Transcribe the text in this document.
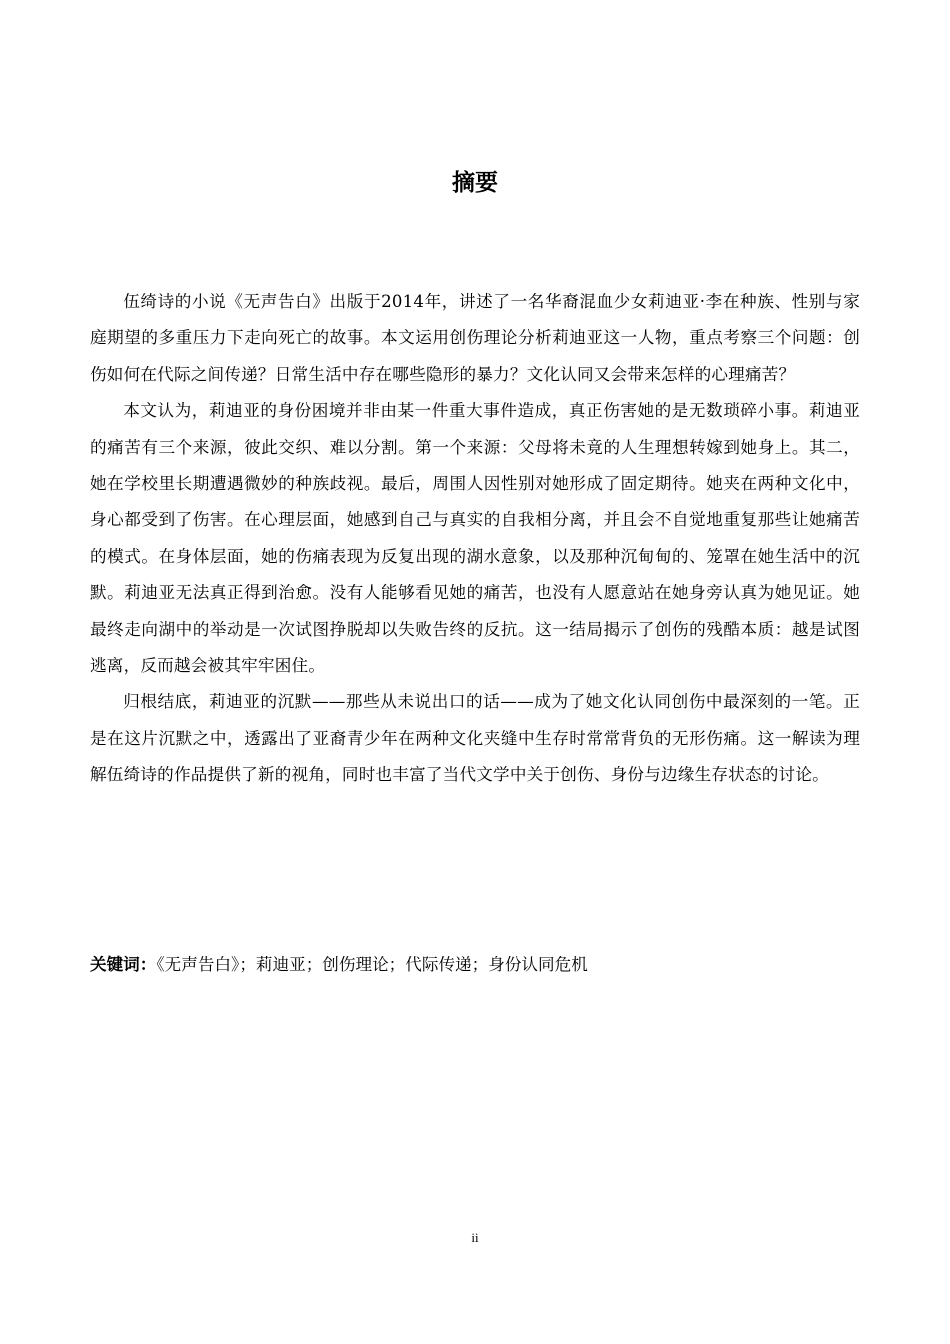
摘要

伍绮诗的小说《无声告白》出版于2014年，讲述了一名华裔混血少女莉迪亚·李在种族、性别与家庭期望的多重压力下走向死亡的故事。本文运用创伤理论分析莉迪亚这一人物，重点考察三个问题：创伤如何在代际之间传递？日常生活中存在哪些隐形的暴力？文化认同又会带来怎样的心理痛苦？

本文认为，莉迪亚的身份困境并非由某一件重大事件造成，真正伤害她的是无数琐碎小事。莉迪亚的痛苦有三个来源，彼此交织、难以分割。第一个来源：父母将未竟的人生理想转嫁到她身上。其二，她在学校里长期遭遇微妙的种族歧视。最后，周围人因性别对她形成了固定期待。她夹在两种文化中，身心都受到了伤害。在心理层面，她感到自己与真实的自我相分离，并且会不自觉地重复那些让她痛苦的模式。在身体层面，她的伤痛表现为反复出现的湖水意象，以及那种沉甸甸的、笼罩在她生活中的沉默。莉迪亚无法真正得到治愈。没有人能够看见她的痛苦，也没有人愿意站在她身旁认真为她见证。她最终走向湖中的举动是一次试图挣脱却以失败告终的反抗。这一结局揭示了创伤的残酷本质：越是试图逃离，反而越会被其牢牢困住。

归根结底，莉迪亚的沉默——那些从未说出口的话——成为了她文化认同创伤中最深刻的一笔。正是在这片沉默之中，透露出了亚裔青少年在两种文化夹缝中生存时常常背负的无形伤痛。这一解读为理解伍绮诗的作品提供了新的视角，同时也丰富了当代文学中关于创伤、身份与边缘生存状态的讨论。

关键词：《无声告白》；莉迪亚；创伤理论；代际传递；身份认同危机
ii
